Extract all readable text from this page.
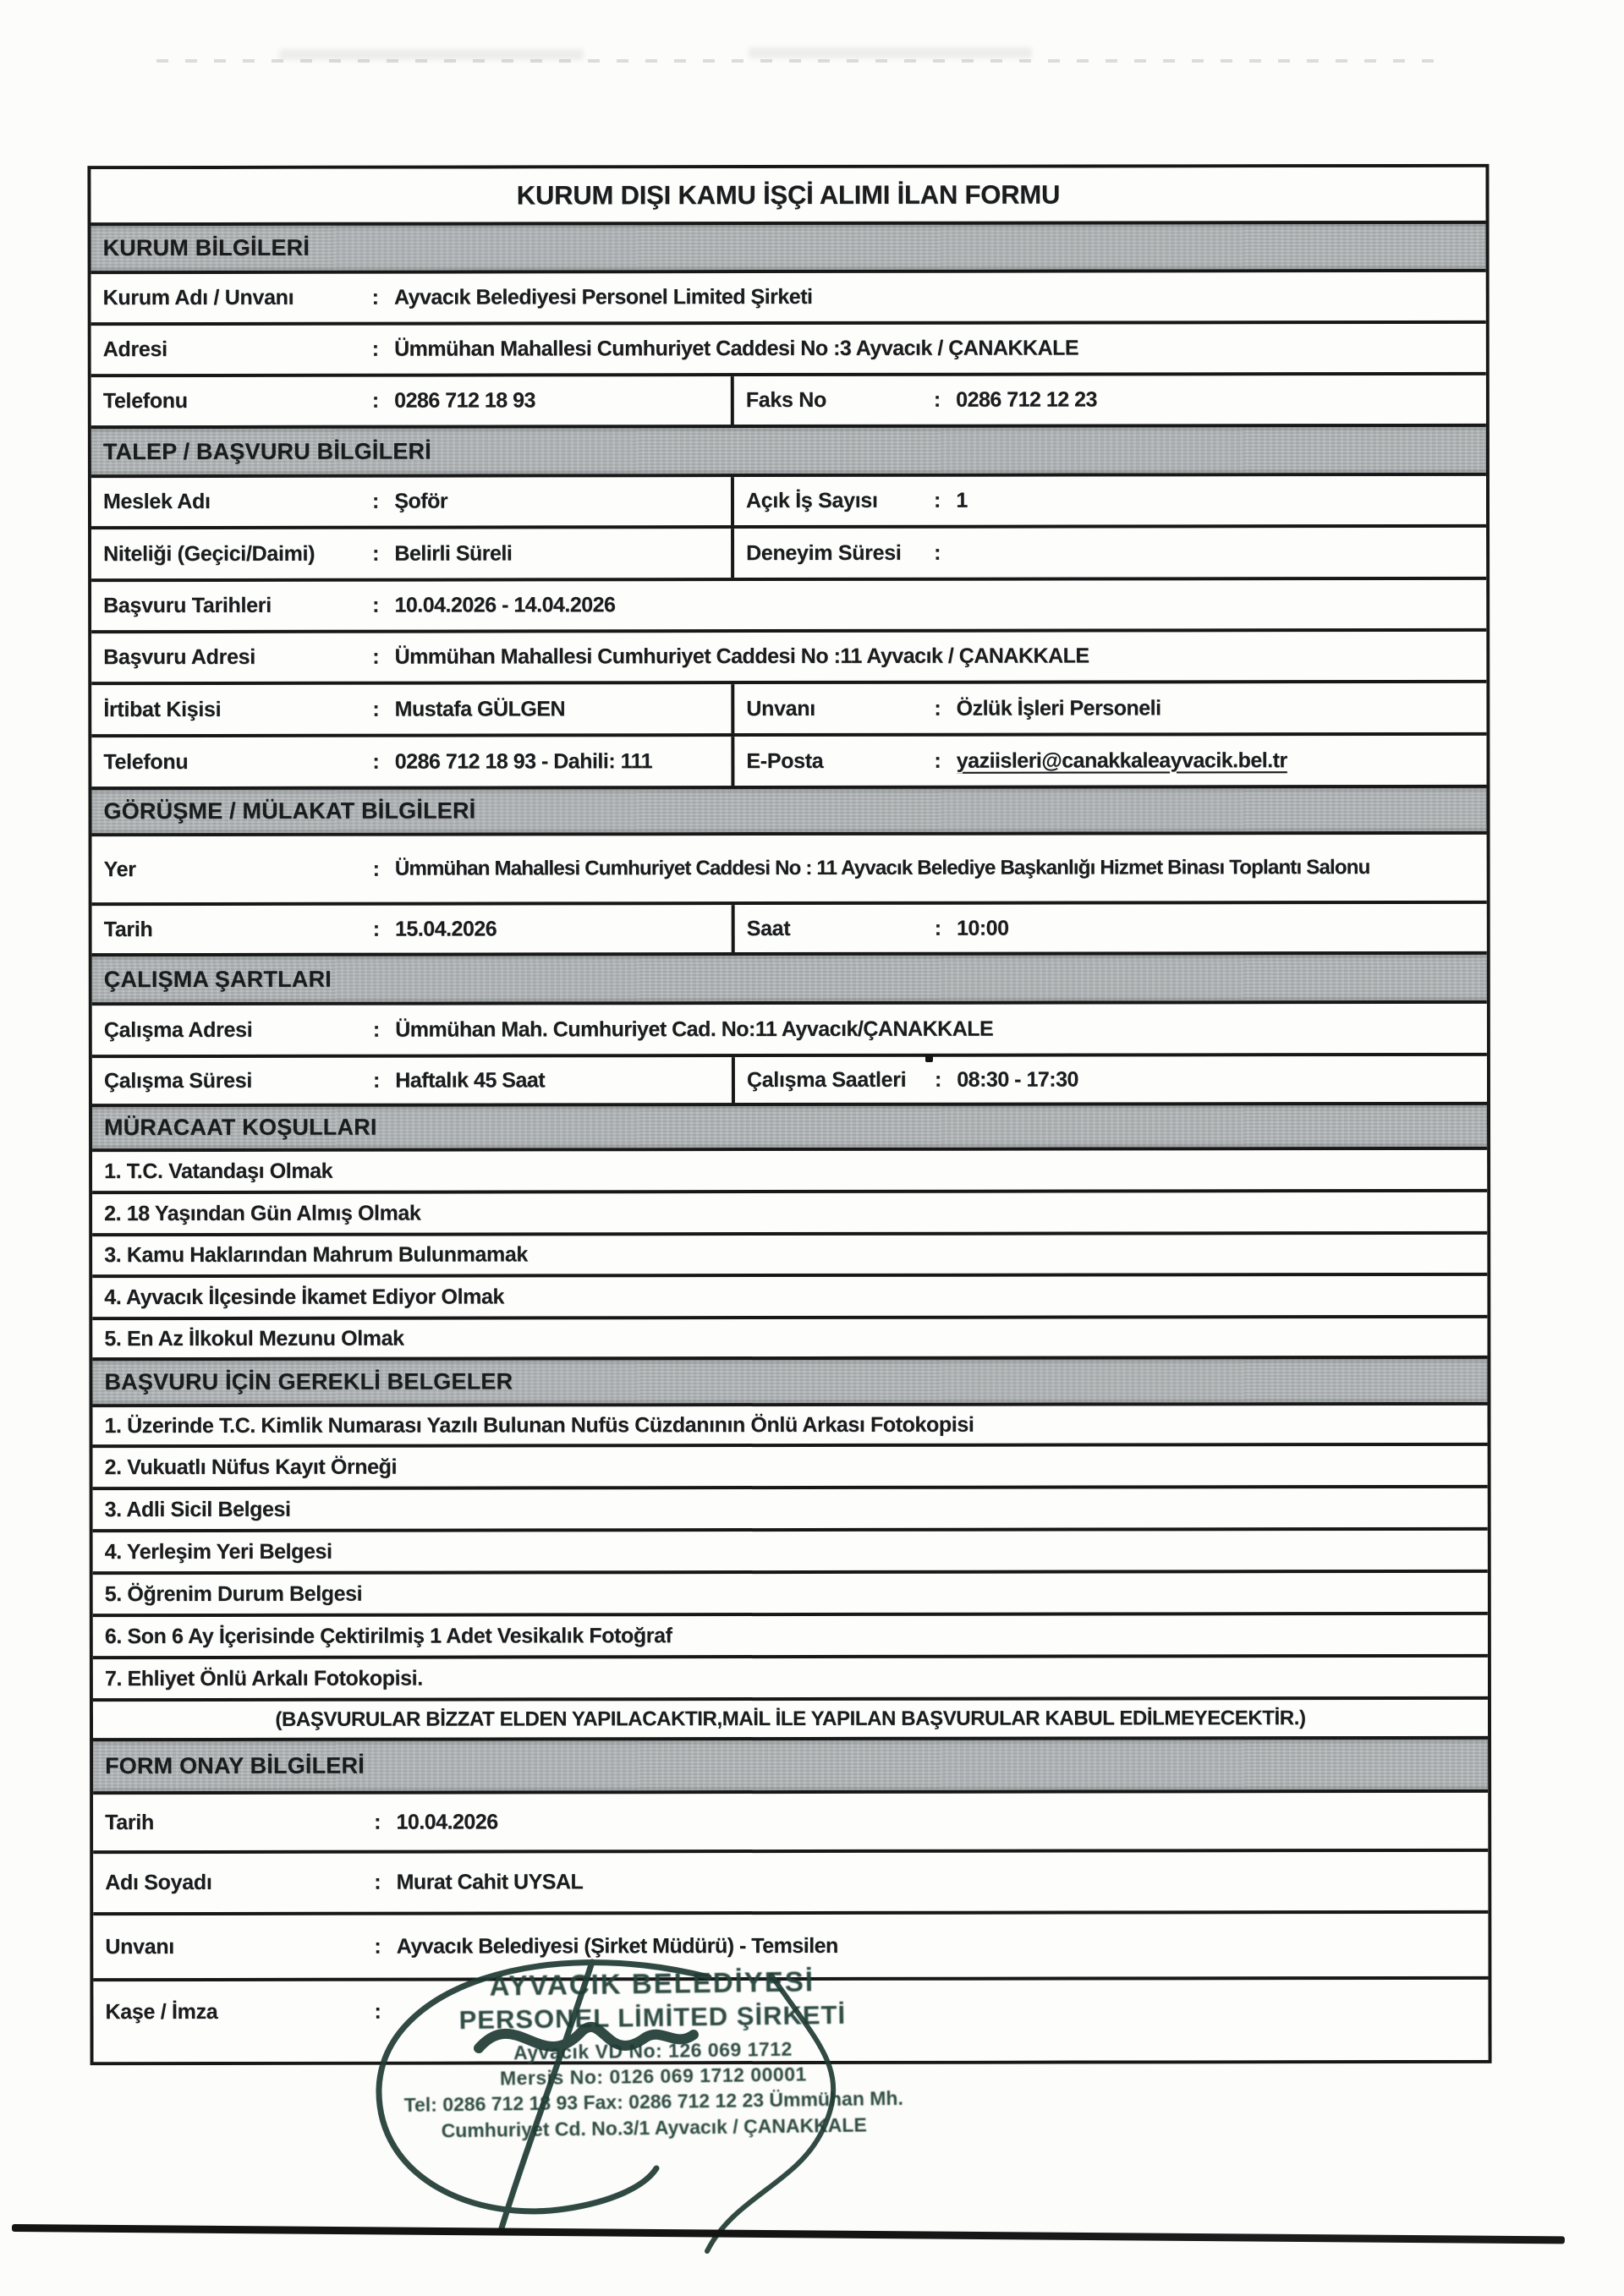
KURUM DIŞI KAMU İŞÇİ ALIMI İLAN FORMU
KURUM BİLGİLERİ
Kurum Adı / Unvanı	: Ayvacık Belediyesi Personel Limited Şirketi
Adresi	: Ümmühan Mahallesi Cumhuriyet Caddesi No :3 Ayvacık / ÇANAKKALE
Telefonu	: 0286 712 18 93	Faks No	: 0286 712 12 23
TALEP / BAŞVURU BİLGİLERİ
Meslek Adı	: Şoför	Açık İş Sayısı	: 1
Niteliği (Geçici/Daimi)	: Belirli Süreli	Deneyim Süresi	:
Başvuru Tarihleri	: 10.04.2026 - 14.04.2026
Başvuru Adresi	: Ümmühan Mahallesi Cumhuriyet Caddesi No :11 Ayvacık / ÇANAKKALE
İrtibat Kişisi	: Mustafa GÜLGEN	Unvanı	: Özlük İşleri Personeli
Telefonu	: 0286 712 18 93 - Dahili: 111	E-Posta	: yaziisleri@canakkaleayvacik.bel.tr
GÖRÜŞME / MÜLAKAT BİLGİLERİ
Yer	: Ümmühan Mahallesi Cumhuriyet Caddesi No : 11 Ayvacık Belediye Başkanlığı Hizmet Binası Toplantı Salonu
Tarih	: 15.04.2026	Saat	: 10:00
ÇALIŞMA ŞARTLARI
Çalışma Adresi	: Ümmühan Mah. Cumhuriyet Cad. No:11 Ayvacık/ÇANAKKALE
Çalışma Süresi	: Haftalık 45 Saat	Çalışma Saatleri	: 08:30 - 17:30
MÜRACAAT KOŞULLARI
1. T.C. Vatandaşı Olmak
2. 18 Yaşından Gün Almış Olmak
3. Kamu Haklarından Mahrum Bulunmamak
4. Ayvacık İlçesinde İkamet Ediyor Olmak
5. En Az İlkokul Mezunu Olmak
BAŞVURU İÇİN GEREKLİ BELGELER
1. Üzerinde T.C. Kimlik Numarası Yazılı Bulunan Nufüs Cüzdanının Önlü Arkası Fotokopisi
2. Vukuatlı Nüfus Kayıt Örneği
3. Adli Sicil Belgesi
4. Yerleşim Yeri Belgesi
5. Öğrenim Durum Belgesi
6. Son 6 Ay İçerisinde Çektirilmiş 1 Adet Vesikalık Fotoğraf
7. Ehliyet Önlü Arkalı Fotokopisi.
(BAŞVURULAR BİZZAT ELDEN YAPILACAKTIR,MAİL İLE YAPILAN BAŞVURULAR KABUL EDİLMEYECEKTİR.)
FORM ONAY BİLGİLERİ
Tarih	: 10.04.2026
Adı Soyadı	: Murat Cahit UYSAL
Unvanı	: Ayvacık Belediyesi (Şirket Müdürü) - Temsilen
Kaşe / İmza	:
AYVACIK BELEDİYESİ
PERSONEL LİMİTED ŞİRKETİ
Ayvacık VD No: 126 069 1712
Mersis No: 0126 069 1712 00001
Tel: 0286 712 18 93 Fax: 0286 712 12 23 Ümmühan Mh.
Cumhuriyet Cd. No.3/1 Ayvacık / ÇANAKKALE
